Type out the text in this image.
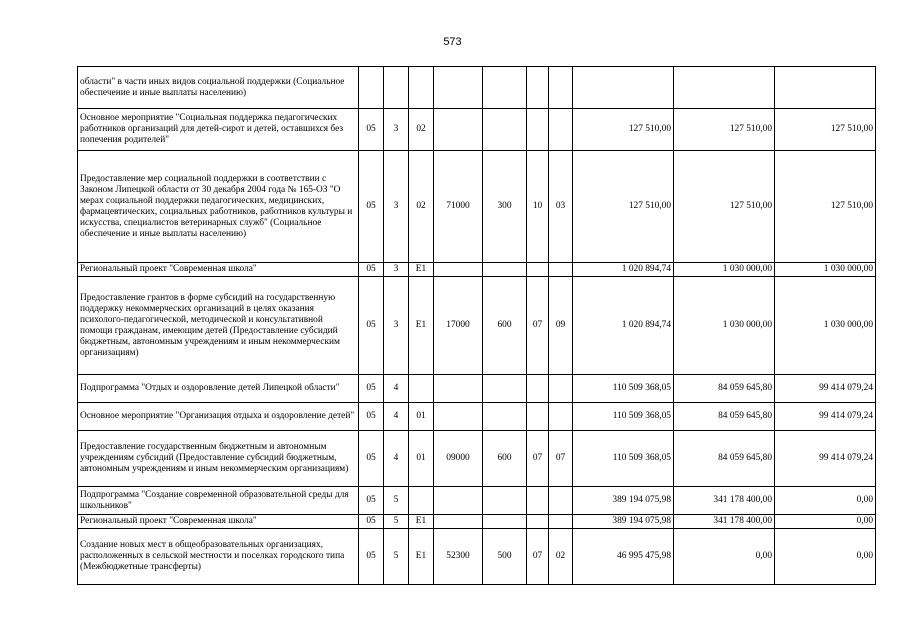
573
области" в части иных видов социальной поддержки (Социальное обеспечение и иные выплаты населению)										
Основное мероприятие "Социальная поддержка педагогических работников организаций для детей-сирот и детей, оставшихся без попечения родителей"	05	3	02					127 510,00	127 510,00	127 510,00
Предоставление мер социальной поддержки в соответствии с Законом Липецкой области от 30 декабря 2004 года № 165-ОЗ "О мерах социальной поддержки педагогических, медицинских, фармацевтических, социальных работников, работников культуры и искусства, специалистов ветеринарных служб" (Социальное обеспечение и иные выплаты населению)	05	3	02	71000	300	10	03	127 510,00	127 510,00	127 510,00
Региональный проект "Современная школа"	05	3	E1					1 020 894,74	1 030 000,00	1 030 000,00
Предоставление грантов в форме субсидий на государственную поддержку некоммерческих организаций в целях оказания психолого-педагогической, методической и консультативной помощи гражданам, имеющим детей (Предоставление субсидий бюджетным, автономным учреждениям и иным некоммерческим организациям)	05	3	E1	17000	600	07	09	1 020 894,74	1 030 000,00	1 030 000,00
Подпрограмма "Отдых и оздоровление детей Липецкой области"	05	4						110 509 368,05	84 059 645,80	99 414 079,24
Основное мероприятие "Организация отдыха и оздоровление детей"	05	4	01					110 509 368,05	84 059 645,80	99 414 079,24
Предоставление государственным бюджетным и автономным учреждениям субсидий (Предоставление субсидий бюджетным, автономным учреждениям и иным некоммерческим организациям)	05	4	01	09000	600	07	07	110 509 368,05	84 059 645,80	99 414 079,24
Подпрограмма "Создание современной образовательной среды для школьников"	05	5						389 194 075,98	341 178 400,00	0,00
Региональный проект "Современная школа"	05	5	E1					389 194 075,98	341 178 400,00	0,00
Создание новых мест в общеобразовательных организациях, расположенных в сельской местности и поселках городского типа (Межбюджетные трансферты)	05	5	E1	52300	500	07	02	46 995 475,98	0,00	0,00
